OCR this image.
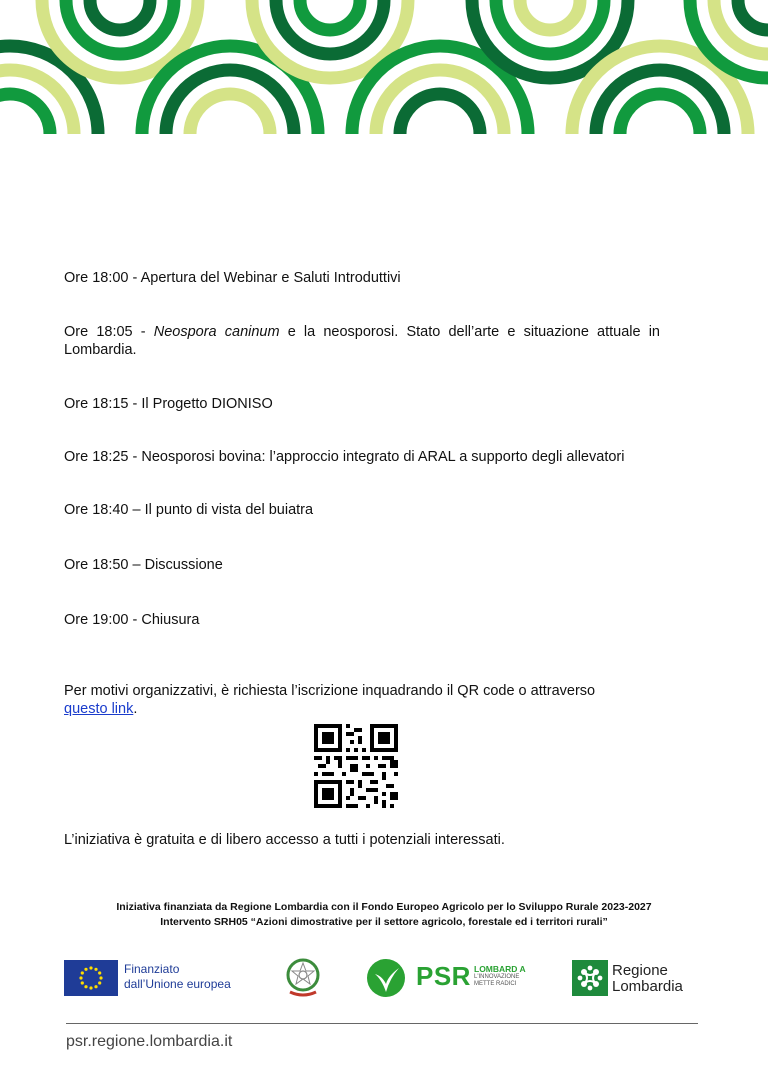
Ore 18:00 - Apertura del Webinar e Saluti Introduttivi
Ore 18:05 - Neospora caninum e la neosporosi. Stato dell’arte e situazione attuale in Lombardia.
Ore 18:15 - Il Progetto DIONISO
Ore 18:25 - Neosporosi bovina: l’approccio integrato di ARAL a supporto degli allevatori
Ore 18:40 – Il punto di vista del buiatra
Ore 18:50 – Discussione
Ore 19:00 - Chiusura
Per motivi organizzativi, è richiesta l’iscrizione inquadrando il QR code o attraverso
questo link.
L’iniziativa è gratuita e di libero accesso a tutti i potenziali interessati.
Iniziativa finanziata da Regione Lombardia con il Fondo Europeo Agricolo per lo Sviluppo Rurale 2023-2027
Intervento SRH05 “Azioni dimostrative per il settore agricolo, forestale ed i territori rurali”
Finanziato
dall’Unione europea	PSR LOMBARD A
L'INNOVAZIONE METTE RADICI
Regione
Lombardia
psr.regione.lombardia.it
